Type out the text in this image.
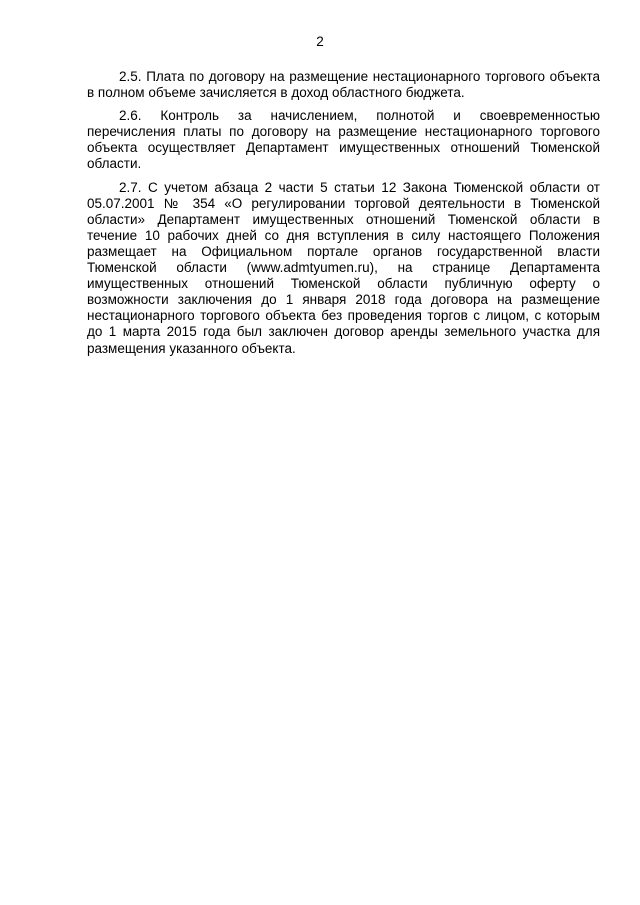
2

2.5. Плата по договору на размещение нестационарного торгового объекта в полном объеме зачисляется в доход областного бюджета.

2.6. Контроль за начислением, полнотой и своевременностью перечисления платы по договору на размещение нестационарного торгового объекта осуществляет Департамент имущественных отношений Тюменской области.

2.7. С учетом абзаца 2 части 5 статьи 12 Закона Тюменской области от 05.07.2001 № 354 «О регулировании торговой деятельности в Тюменской области» Департамент имущественных отношений Тюменской области в течение 10 рабочих дней со дня вступления в силу настоящего Положения размещает на Официальном портале органов государственной власти Тюменской области (www.admtyumen.ru), на странице Департамента имущественных отношений Тюменской области публичную оферту о возможности заключения до 1 января 2018 года договора на размещение нестационарного торгового объекта без проведения торгов с лицом, с которым до 1 марта 2015 года был заключен договор аренды земельного участка для размещения указанного объекта.
